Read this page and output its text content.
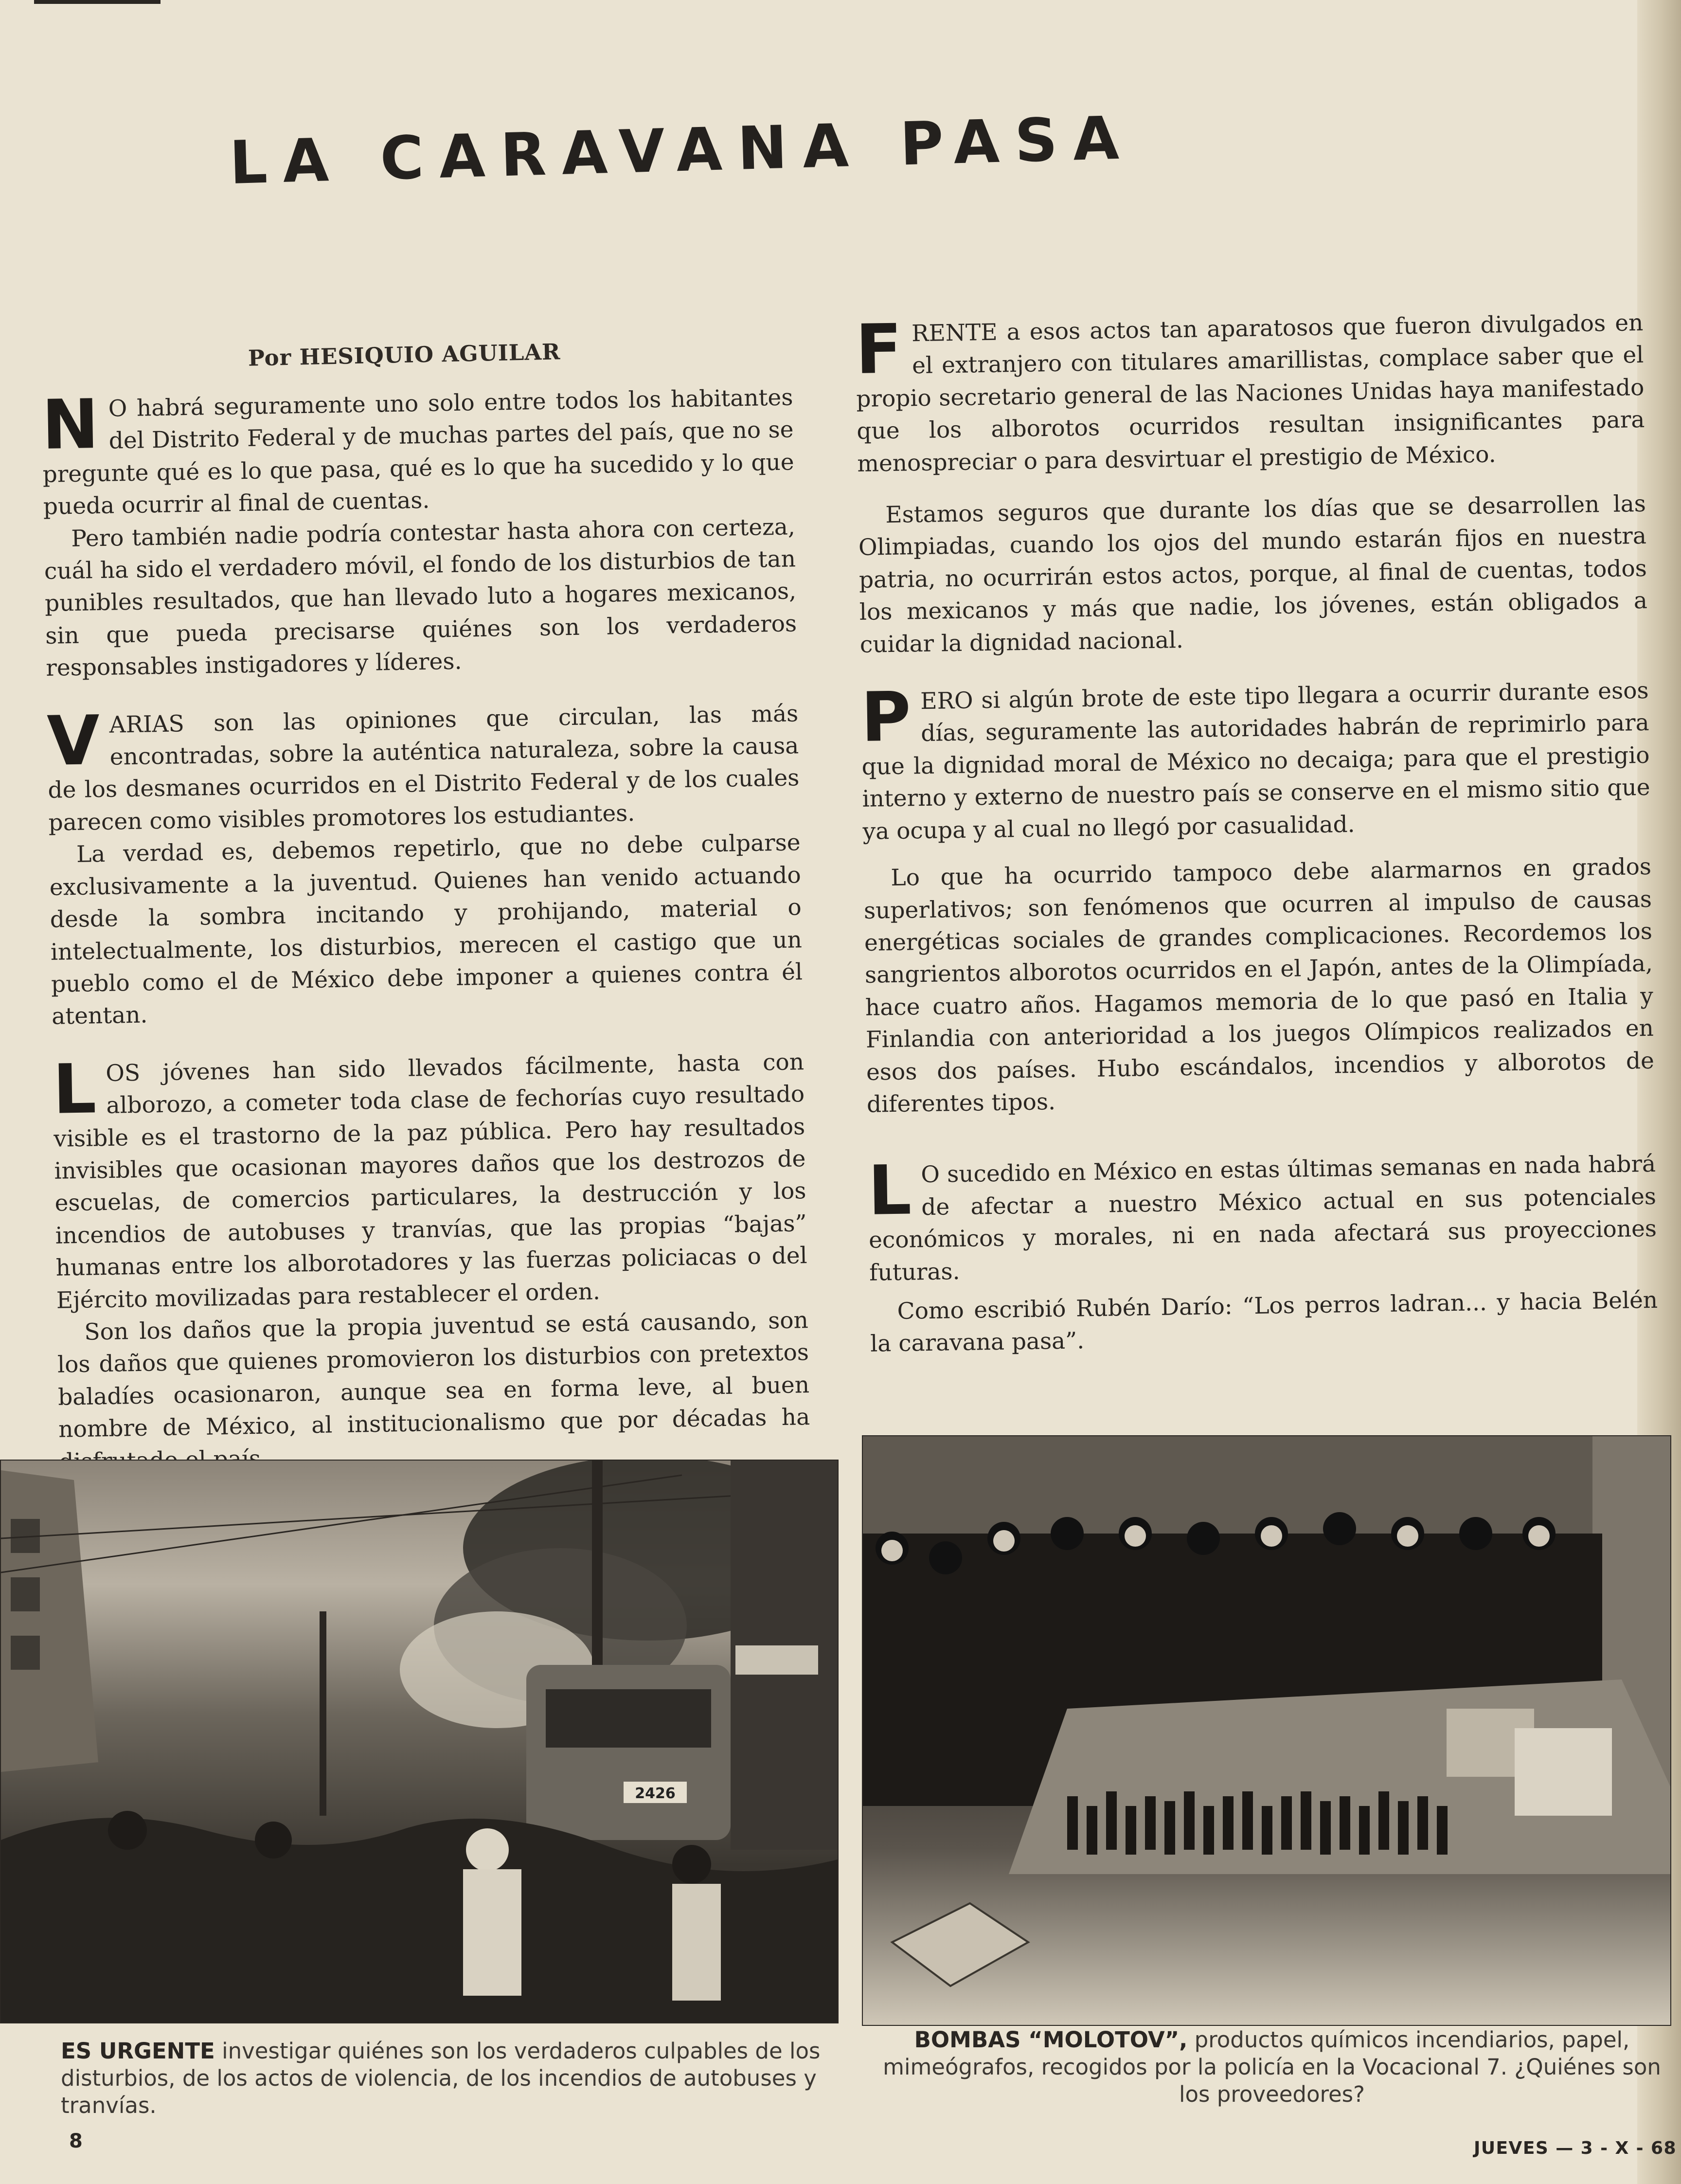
LA CARAVANA PASA
Por HESIQUIO AGUILAR

N O habrá seguramente uno solo entre todos los habitantes del Distrito Federal y de muchas partes del país, que no se pregunte qué es lo que pasa, qué es lo que ha sucedido y lo que pueda ocurrir al final de cuentas.

Pero también nadie podría contestar hasta ahora con certeza, cuál ha sido el verdadero móvil, el fondo de los disturbios de tan punibles resultados, que han llevado luto a hogares mexicanos, sin que pueda precisarse quiénes son los verdaderos responsables instigadores y líderes.

VARIAS son las opiniones que circulan, las más encontradas, sobre la auténtica naturaleza, sobre la causa de los desmanes ocurridos en el Distrito Federal y de los cuales parecen como visibles promotores los estudiantes.

La verdad es, debemos repetirlo, que no debe culparse exclusivamente a la juventud. Quienes han venido actuando desde la sombra incitando y prohijando, material o intelectualmente, los disturbios, merecen el castigo que un pueblo como el de México debe imponer a quienes contra él atentan.

LOS jóvenes han sido llevados fácilmente, hasta con alborozo, a cometer toda clase de fechorías cuyo resultado visible es el trastorno de la paz pública. Pero hay resultados invisibles que ocasionan mayores daños que los destrozos de escuelas, de comercios particulares, la destrucción y los incendios de autobuses y tranvías, que las propias “bajas” humanas entre los alborotadores y las fuerzas policiacas o del Ejército movilizadas para restablecer el orden.

Son los daños que la propia juventud se está causando, son los daños que quienes promovieron los disturbios con pretextos baladíes ocasionaron, aunque sea en forma leve, al buen nombre de México, al institucionalismo que por décadas ha país.

FRENTE a esos actos tan aparatosos que fueron divulgados en el extranjero con titulares amarillistas, complace saber que el propio secretario general de las Naciones Unidas haya manifestado que los alborotos ocurridos resultan insignificantes para menospreciar o para desvirtuar el prestigio de México.

Estamos seguros que durante los días que se desarrollen las Olimpiadas, cuando los ojos del mundo estarán fijos en nuestra patria, no ocurrirán estos actos, porque, al final de cuentas, todos los mexicanos y más que nadie, los jóvenes, están obligados a cuidar la dignidad nacional.

PERO si algún brote de este tipo llegara a ocurrir durante esos días, seguramente las autoridades habrán de reprimirlo para que la dignidad moral de México no decaiga; para que el prestigio interno y externo de nuestro país se conserve en el mismo sitio que ya ocupa y al cual no llegó por casualidad.

Lo que ha ocurrido tampoco debe alarmarnos en grados superlativos; son fenómenos que ocurren al impulso de causas energéticas sociales de grandes complicaciones. Recordemos los sangrientos alborotos ocurridos en el Japón, antes de la Olimpíada, hace cuatro años. Hagamos memoria de lo que pasó en Italia y Finlandia con anterioridad a los juegos Olímpicos realizados en esos dos países. Hubo escándalos, incendios y alborotos de diferentes tipos.

L O sucedido en México en estas últimas semanas en nada habrá de afectar a nuestro México actual en sus potenciales económicos y morales, ni en nada afectará sus proyecciones futuras.

Como escribió Rubén Darío: “Los perros ladran... y hacia Belén la caravana pasa”.

2426
ES URGENTE investigar quiénes son los verdaderos culpables de los disturbios, de los actos de violencia, de los incendios de autobuses y tranvías.
BOMBAS “MOLOTOV”, productos químicos incendiarios, papel, mimeógrafos, recogidos por la policía en la Vocacional 7. ¿Quiénes son los proveedores?
8	JUEVES — 3 - X - 68
